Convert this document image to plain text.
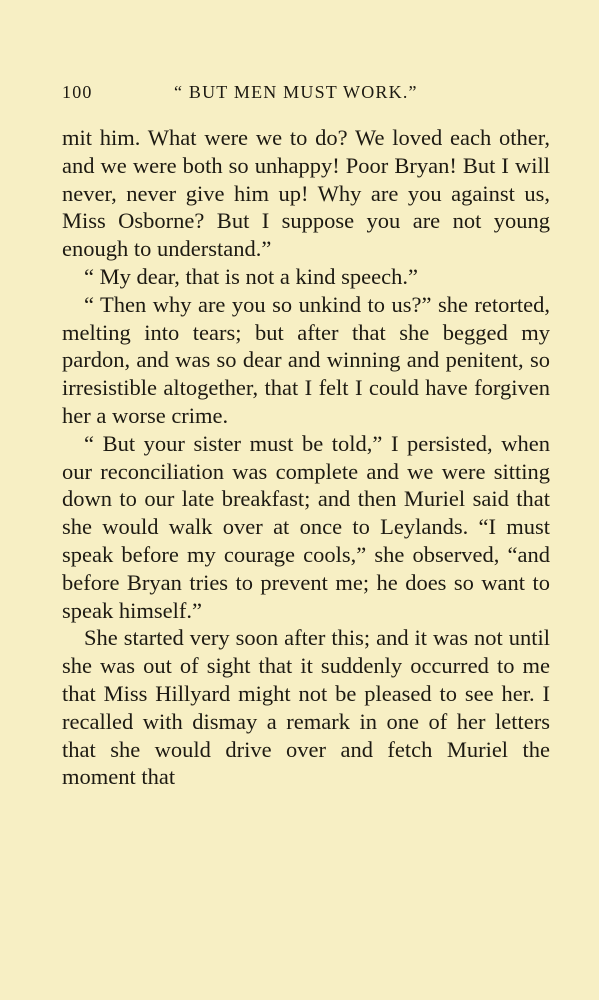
100	“ BUT MEN MUST WORK.”

mit him. What were we to do? We loved each other, and we were both so unhappy! Poor Bryan! But I will never, never give him up! Why are you against us, Miss Osborne? But I suppose you are not young enough to understand.”

“ My dear, that is not a kind speech.”

“ Then why are you so unkind to us?” she retorted, melting into tears; but after that she begged my pardon, and was so dear and winning and penitent, so irresistible altogether, that I felt I could have forgiven her a worse crime.

“ But your sister must be told,” I persisted, when our reconciliation was complete and we were sitting down to our late breakfast; and then Muriel said that she would walk over at once to Leylands. “I must speak before my courage cools,” she observed, “and before Bryan tries to prevent me; he does so want to speak himself.”

She started very soon after this; and it was not until she was out of sight that it suddenly occurred to me that Miss Hillyard might not be pleased to see her. I recalled with dismay a remark in one of her letters that she would drive over and fetch Muriel the moment that
